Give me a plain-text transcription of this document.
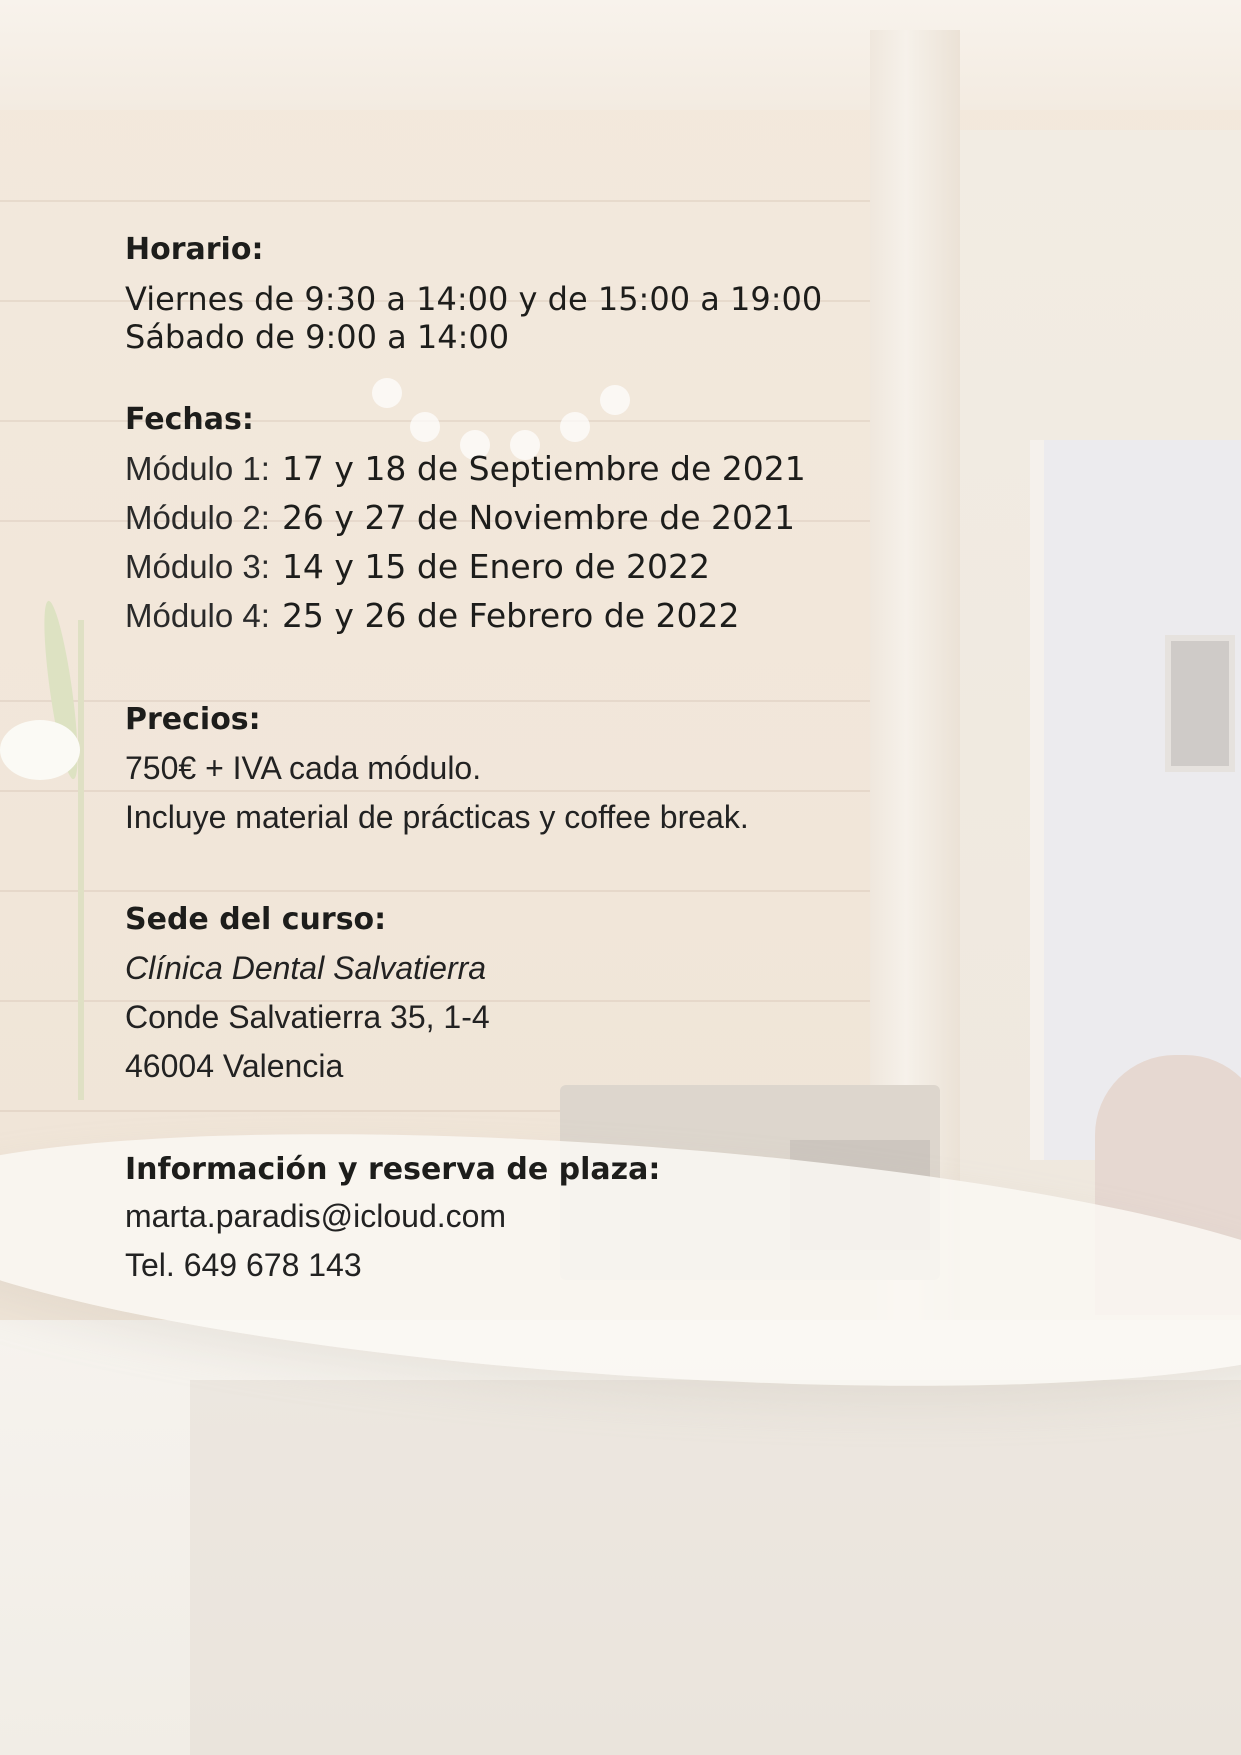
Horario:

Viernes de 9:30 a 14:00 y de 15:00 a 19:00

Sábado de 9:00 a 14:00

Fechas:

Módulo 1: 17 y 18 de Septiembre de 2021
Módulo 2: 26 y 27 de Noviembre de 2021
Módulo 3: 14 y 15 de Enero de 2022
Módulo 4: 25 y 26 de Febrero de 2022

Precios:

750€ + IVA cada módulo.

Incluye material de prácticas y coffee break.

Sede del curso:

Clínica Dental Salvatierra

Conde Salvatierra 35, 1-4

46004 Valencia

Información y reserva de plaza:

marta.paradis@icloud.com

Tel. 649 678 143
